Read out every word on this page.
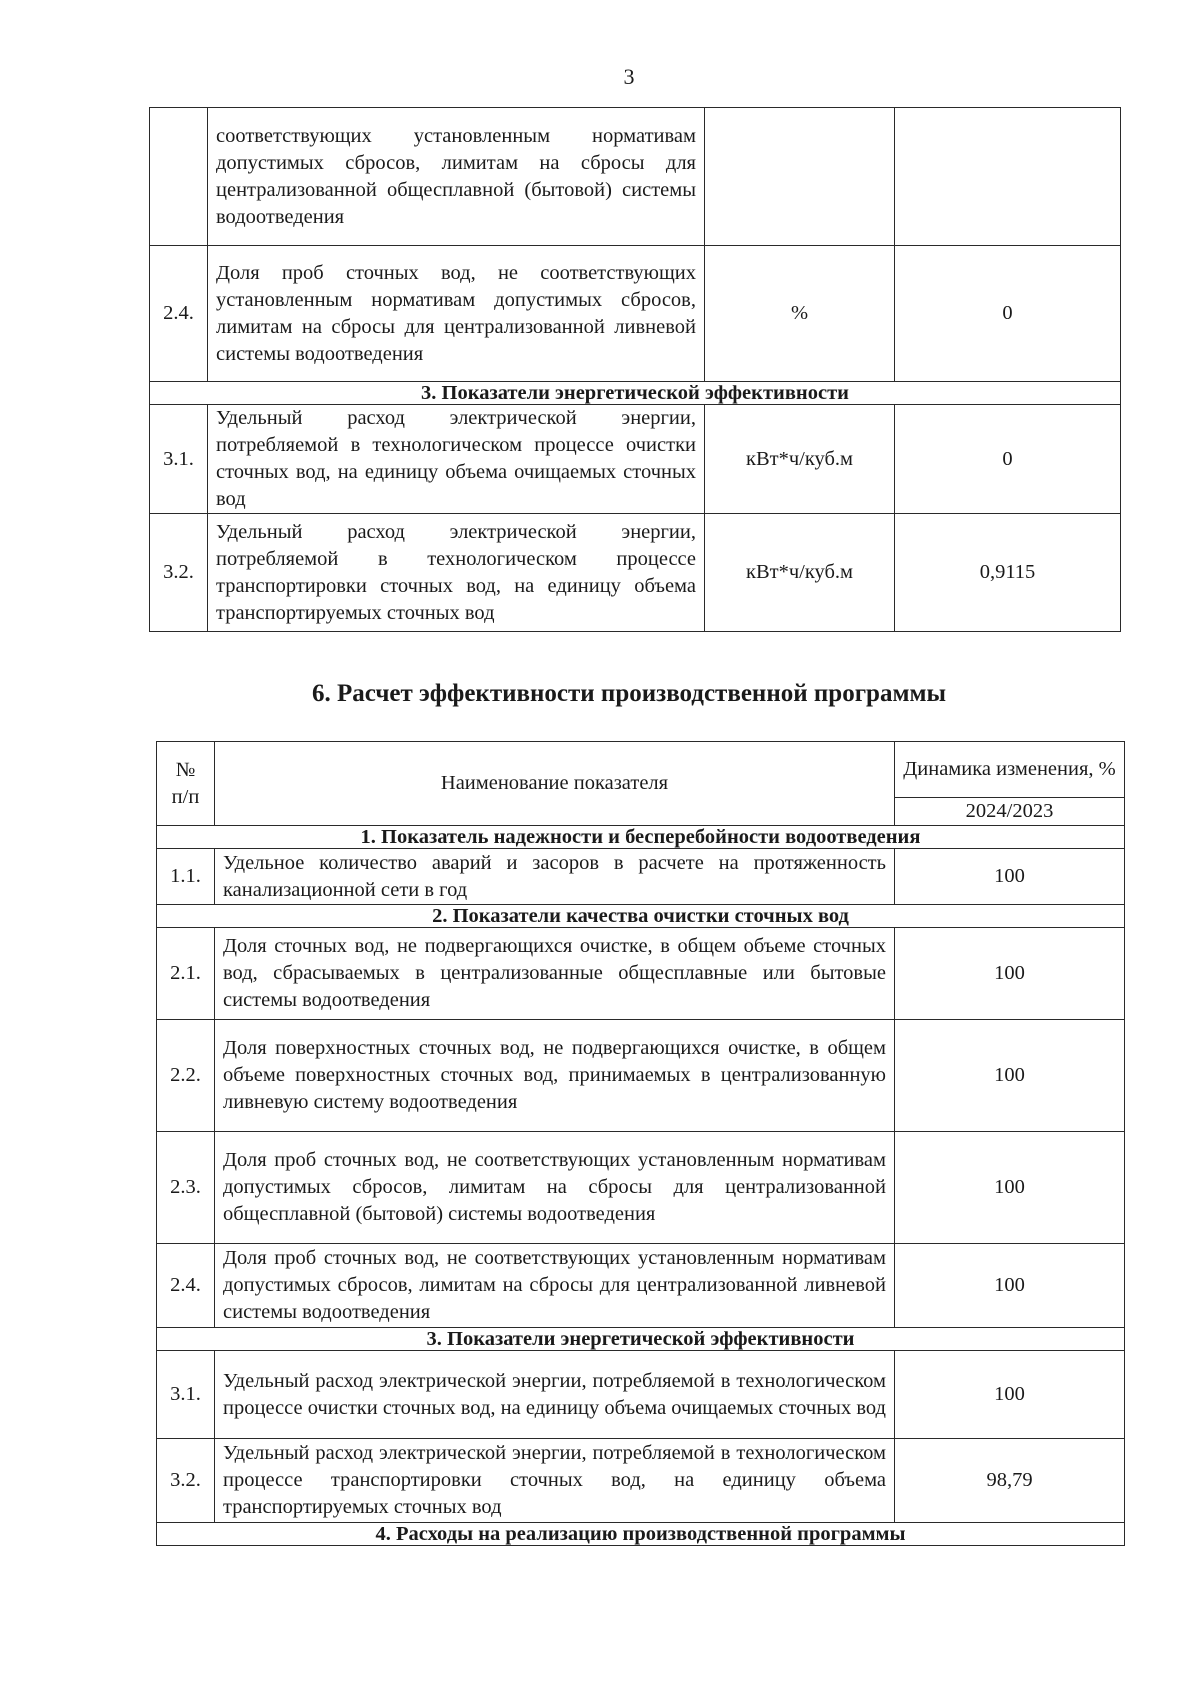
3
	соответствующих установленным нормативам допустимых сбросов, лимитам на сбросы для централизованной общесплавной (бытовой) системы водоотведения		
2.4.	Доля проб сточных вод, не соответствующих установленным нормативам допустимых сбросов, лимитам на сбросы для централизованной ливневой системы водоотведения	%	0
3. Показатели энергетической эффективности			
3.1.	Удельный расход электрической энергии, потребляемой в технологическом процессе очистки сточных вод, на единицу объема очищаемых сточных вод	кВт*ч/куб.м	0
3.2.	Удельный расход электрической энергии, потребляемой в технологическом процессе транспортировки сточных вод, на единицу объема транспортируемых сточных вод	кВт*ч/куб.м	0,9115
6. Расчет эффективности производственной программы
№ п/п	Наименование показателя	Динамика изменения, %
		2024/2023
1. Показатель надежности и бесперебойности водоотведения		
1.1.	Удельное количество аварий и засоров в расчете на протяженность канализационной сети в год	100
2. Показатели качества очистки сточных вод		
2.1.	Доля сточных вод, не подвергающихся очистке, в общем объеме сточных вод, сбрасываемых в централизованные общесплавные или бытовые системы водоотведения	100
2.2.	Доля поверхностных сточных вод, не подвергающихся очистке, в общем объеме поверхностных сточных вод, принимаемых в централизованную ливневую систему водоотведения	100
2.3.	Доля проб сточных вод, не соответствующих установленным нормативам допустимых сбросов, лимитам на сбросы для централизованной общесплавной (бытовой) системы водоотведения	100
2.4.	Доля проб сточных вод, не соответствующих установленным нормативам допустимых сбросов, лимитам на сбросы для централизованной ливневой системы водоотведения	100
3. Показатели энергетической эффективности		
3.1.	Удельный расход электрической энергии, потребляемой в технологическом процессе очистки сточных вод, на единицу объема очищаемых сточных вод	100
3.2.	Удельный расход электрической энергии, потребляемой в технологическом процессе транспортировки сточных вод, на единицу объема транспортируемых сточных вод	98,79
4. Расходы на реализацию производственной программы		
